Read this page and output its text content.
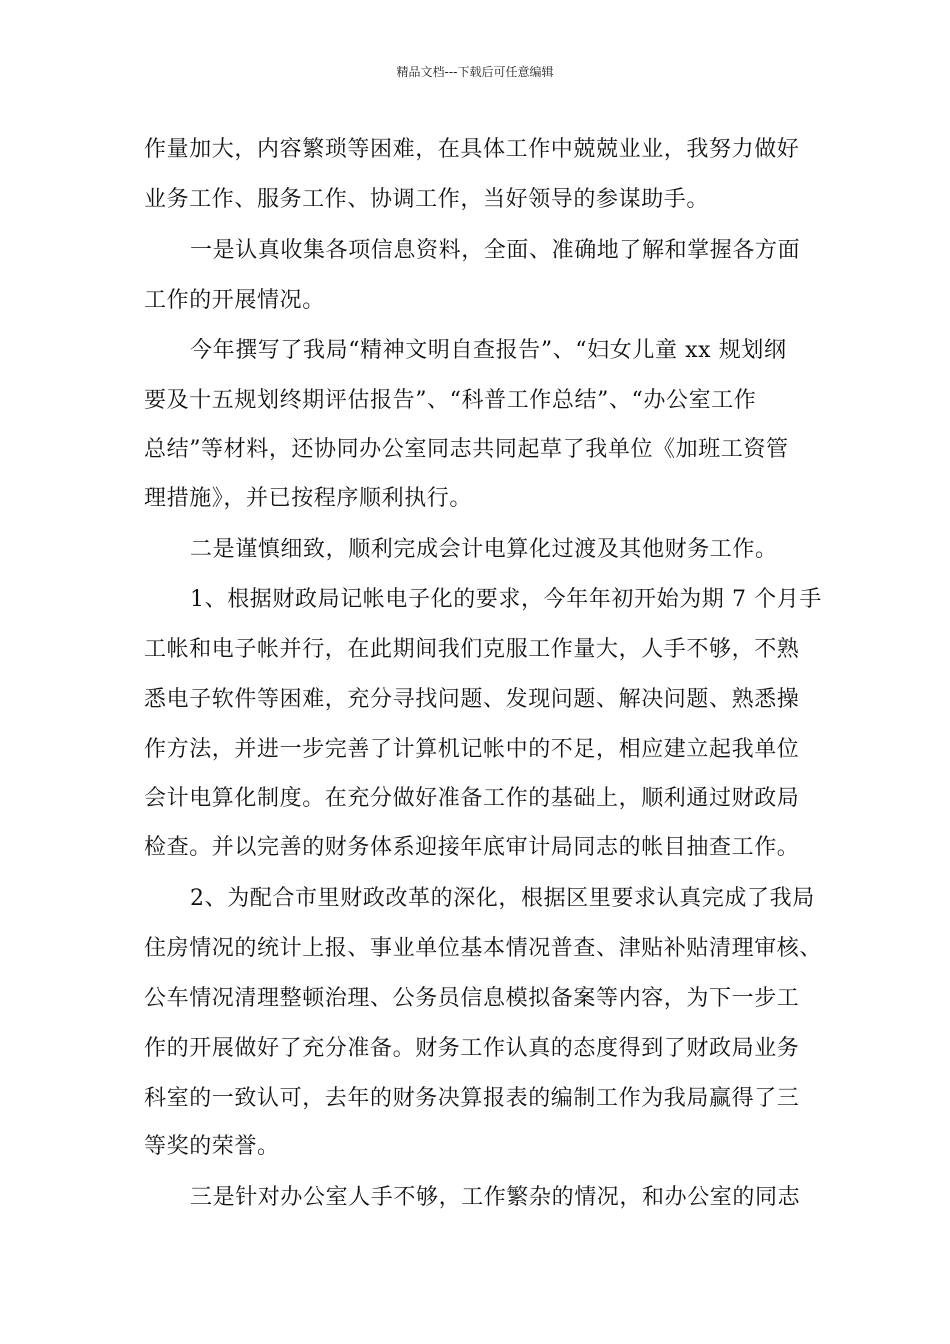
精品文档---下载后可任意编辑
作量加大，内容繁琐等困难，在具体工作中兢兢业业，我努力做好
业务工作、服务工作、协调工作，当好领导的参谋助手。
一是认真收集各项信息资料，全面、准确地了解和掌握各方面
工作的开展情况。
今年撰写了我局“精神文明自查报告”、“妇女儿童 xx 规划纲
要及十五规划终期评估报告”、“科普工作总结”、“办公室工作
总结”等材料，还协同办公室同志共同起草了我单位《加班工资管
理措施》，并已按程序顺利执行。
二是谨慎细致，顺利完成会计电算化过渡及其他财务工作。
1、根据财政局记帐电子化的要求，今年年初开始为期 7 个月手
工帐和电子帐并行，在此期间我们克服工作量大，人手不够，不熟
悉电子软件等困难，充分寻找问题、发现问题、解决问题、熟悉操
作方法，并进一步完善了计算机记帐中的不足，相应建立起我单位
会计电算化制度。在充分做好准备工作的基础上，顺利通过财政局
检查。并以完善的财务体系迎接年底审计局同志的帐目抽查工作。
2、为配合市里财政改革的深化，根据区里要求认真完成了我局
住房情况的统计上报、事业单位基本情况普查、津贴补贴清理审核、
公车情况清理整顿治理、公务员信息模拟备案等内容，为下一步工
作的开展做好了充分准备。财务工作认真的态度得到了财政局业务
科室的一致认可，去年的财务决算报表的编制工作为我局赢得了三
等奖的荣誉。
三是针对办公室人手不够，工作繁杂的情况，和办公室的同志
